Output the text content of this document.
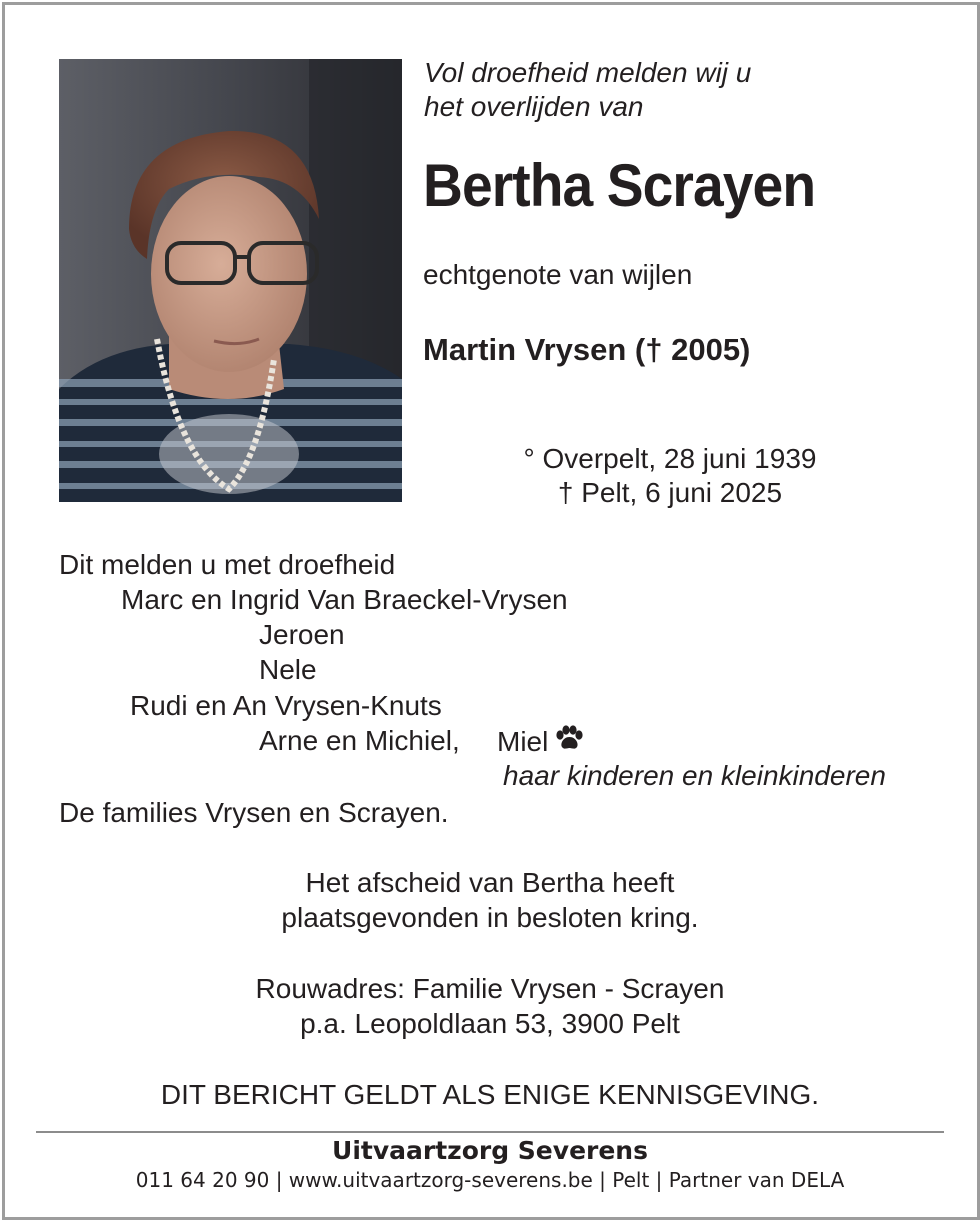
Vol droefheid melden wij u
het overlijden van
Bertha Scrayen
echtgenote van wijlen
Martin Vrysen († 2005)
° Overpelt, 28 juni 1939
† Pelt, 6 juni 2025
Dit melden u met droefheid
Marc en Ingrid Van Braeckel-Vrysen
Jeroen
Nele
Rudi en An Vrysen-Knuts
Arne en Michiel, Miel
haar kinderen en kleinkinderen
De families Vrysen en Scrayen.
Het afscheid van Bertha heeft
plaatsgevonden in besloten kring.
Rouwadres: Familie Vrysen - Scrayen
p.a. Leopoldlaan 53, 3900 Pelt
DIT BERICHT GELDT ALS ENIGE KENNISGEVING.
Uitvaartzorg Severens
011 64 20 90 | www.uitvaartzorg-severens.be | Pelt | Partner van DELA
